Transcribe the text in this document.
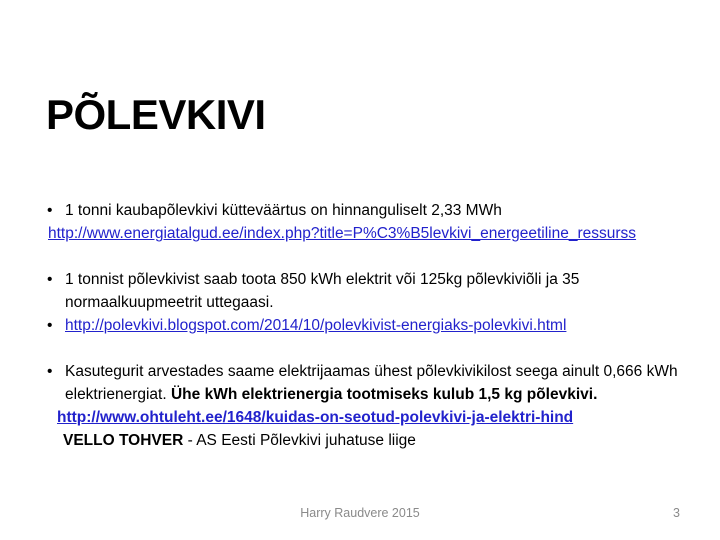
PÕLEVKIVI
• 1 tonni kaubapõlevkivi kütteväärtus on hinnanguliselt 2,33 MWh
http://www.energiatalgud.ee/index.php?title=P%C3%B5levkivi_energeetiline_ressurss
• 1 tonnist põlevkivist saab toota 850 kWh elektrit või 125kg põlevkiviõli ja 35 normaalkuupmeetrit uttegaasi.
• http://polevkivi.blogspot.com/2014/10/polevkivist-energiaks-polevkivi.html
• Kasutegurit arvestades saame elektrijaamas ühest põlevkivikilost seega ainult 0,666 kWh elektrienergiat. Ühe kWh elektrienergia tootmiseks kulub 1,5 kg põlevkivi.
http://www.ohtuleht.ee/1648/kuidas-on-seotud-polevkivi-ja-elektri-hind
VELLO TOHVER - AS Eesti Põlevkivi juhatuse liige
Harry Raudvere 2015	3
